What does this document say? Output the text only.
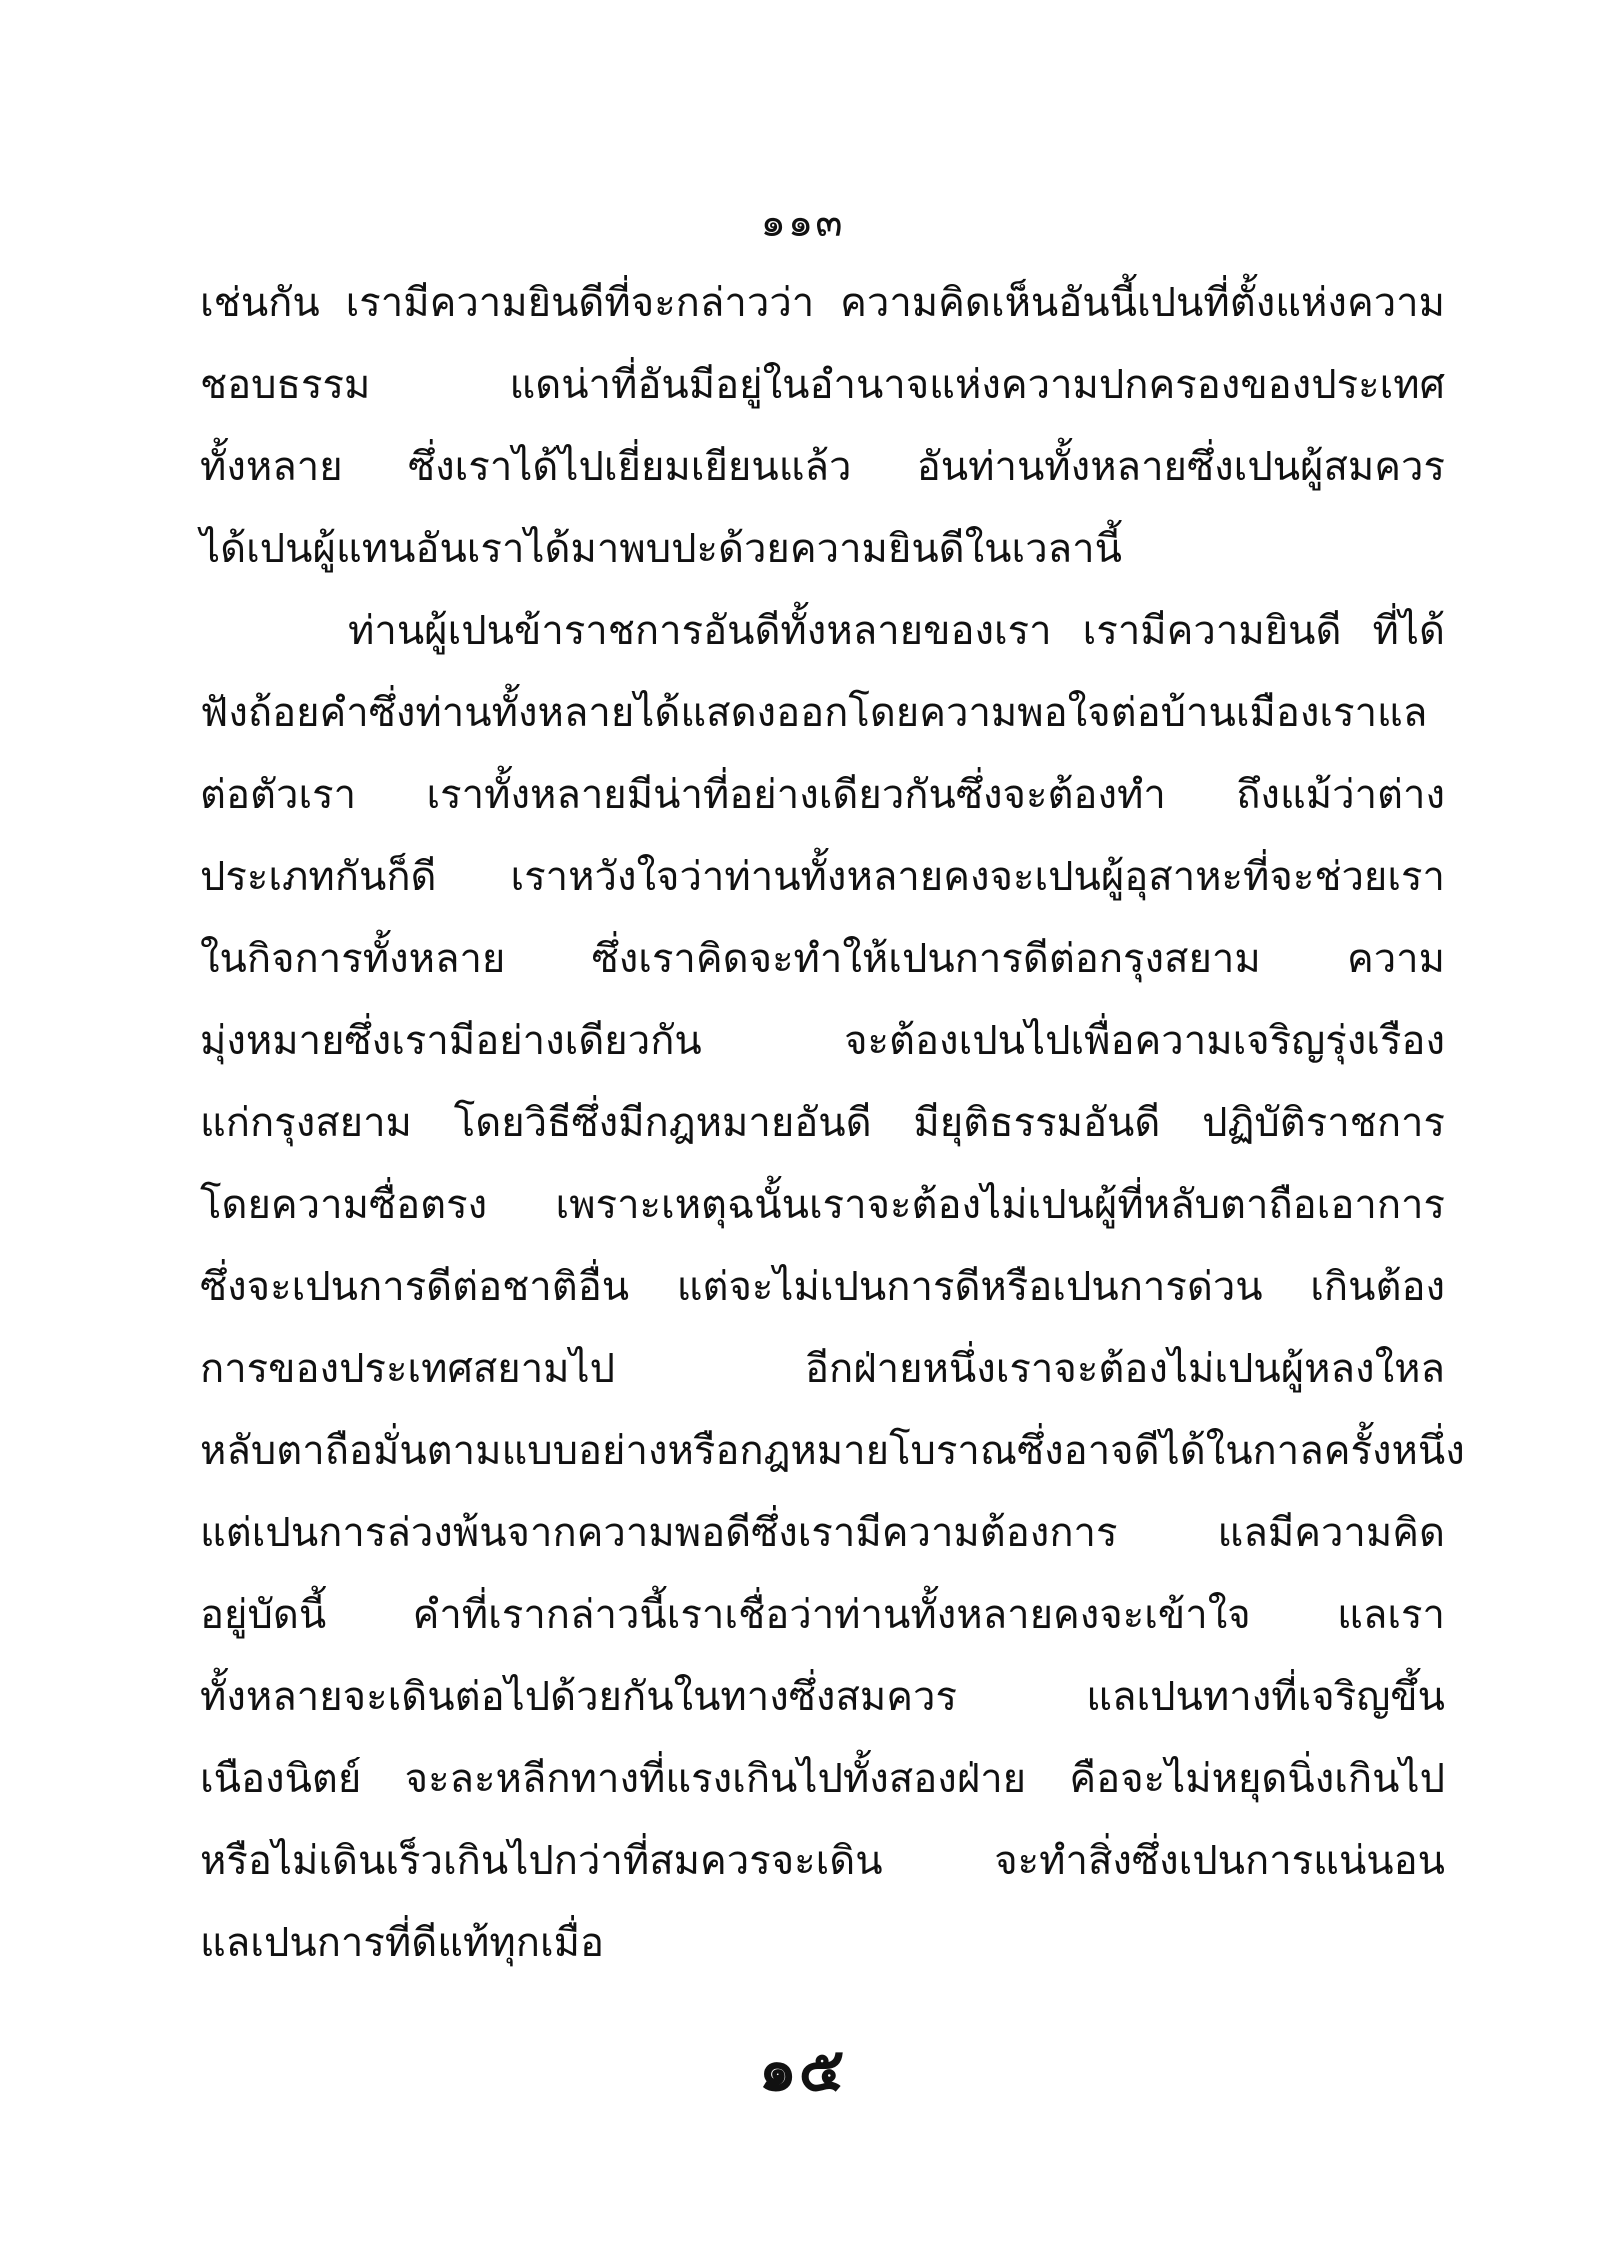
๑๑๓
เช่นกัน เรามีความยินดีที่จะกล่าวว่า ความคิดเห็นอันนี้เปนที่ตั้งแห่งความ
ชอบธรรม	แดน่าที่อันมีอยู่ในอำนาจแห่งความปกครองของประเทศ
ทั้งหลาย ซึ่งเราได้ไปเยี่ยมเยียนแล้ว อันท่านทั้งหลายซึ่งเปนผู้สมควร
ได้เปนผู้แทนอันเราได้มาพบปะด้วยความยินดีในเวลานี้
ท่านผู้เปนข้าราชการอันดีทั้งหลายของเรา เรามีความยินดี ที่ได้
ฟังถ้อยคำซึ่งท่านทั้งหลายได้แสดงออกโดยความพอใจต่อบ้านเมืองเราแล
ต่อตัวเรา เราทั้งหลายมีน่าที่อย่างเดียวกันซึ่งจะต้องทำ ถึงแม้ว่าต่าง
ประเภทกันก็ดี เราหวังใจว่าท่านทั้งหลายคงจะเปนผู้อุสาหะที่จะช่วยเรา
ในกิจการทั้งหลาย ซึ่งเราคิดจะทำให้เปนการดีต่อกรุงสยาม ความ
มุ่งหมายซึ่งเรามีอย่างเดียวกัน	จะต้องเปนไปเพื่อความเจริญรุ่งเรือง
แก่กรุงสยาม โดยวิธีซึ่งมีกฎหมายอันดี มียุติธรรมอันดี ปฏิบัติราชการ
โดยความซื่อตรง เพราะเหตุฉนั้นเราจะต้องไม่เปนผู้ที่หลับตาถือเอาการ
ซึ่งจะเปนการดีต่อชาติอื่น แต่จะไม่เปนการดีหรือเปนการด่วน เกินต้อง
การของประเทศสยามไป	อีกฝ่ายหนึ่งเราจะต้องไม่เปนผู้หลงใหล
หลับตาถือมั่นตามแบบอย่างหรือกฎหมายโบราณซึ่งอาจดีได้ในกาลครั้งหนึ่ง
แต่เปนการล่วงพ้นจากความพอดีซึ่งเรามีความต้องการ	แลมีความคิด
อยู่บัดนี้ คำที่เรากล่าวนี้เราเชื่อว่าท่านทั้งหลายคงจะเข้าใจ แลเรา
ทั้งหลายจะเดินต่อไปด้วยกันในทางซึ่งสมควร	แลเปนทางที่เจริญขึ้น
เนืองนิตย์ จะละหลีกทางที่แรงเกินไปทั้งสองฝ่าย คือจะไม่หยุดนิ่งเกินไป
หรือไม่เดินเร็วเกินไปกว่าที่สมควรจะเดิน	จะทำสิ่งซึ่งเปนการแน่นอน
แลเปนการที่ดีแท้ทุกเมื่อ
๑๕
